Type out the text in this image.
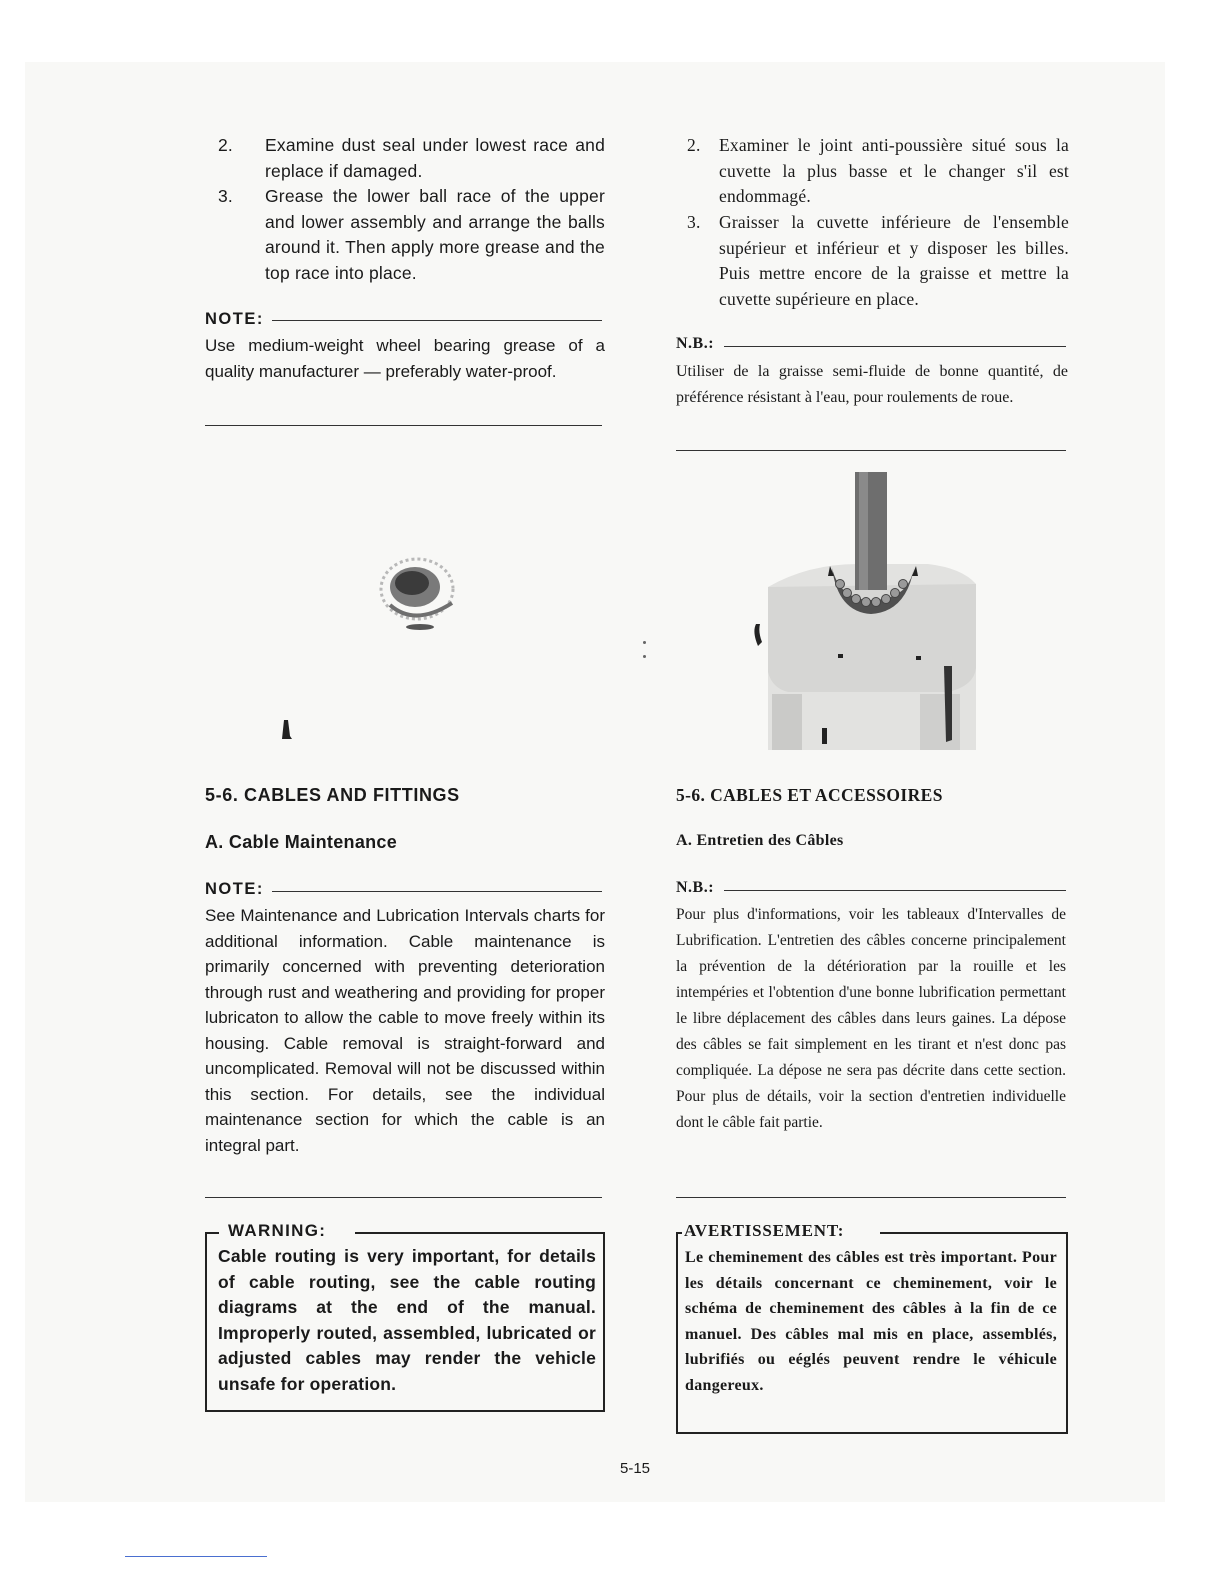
2. Examine dust seal under lowest race and replace if damaged.
3. Grease the lower ball race of the upper and lower assembly and arrange the balls around it. Then apply more grease and the top race into place.
NOTE:
Use medium-weight wheel bearing grease of a quality manufacturer — preferably water-proof.
5-6. CABLES AND FITTINGS
A. Cable Maintenance
NOTE:
See Maintenance and Lubrication Intervals charts for additional information. Cable maintenance is primarily concerned with preventing deterioration through rust and weathering and providing for proper lubricaton to allow the cable to move freely within its housing. Cable removal is straight-forward and uncomplicated. Removal will not be discussed within this section. For details, see the individual maintenance section for which the cable is an integral part.
WARNING:
Cable routing is very important, for details of cable routing, see the cable routing diagrams at the end of the manual. Improperly routed, assembled, lubricated or adjusted cables may render the vehicle unsafe for operation.
2. Examiner le joint anti-poussière situé sous la cuvette la plus basse et le changer s'il est endommagé.
3. Graisser la cuvette inférieure de l'ensemble supérieur et inférieur et y disposer les billes. Puis mettre encore de la graisse et mettre la cuvette supérieure en place.
N.B.:
Utiliser de la graisse semi-fluide de bonne quantité, de préférence résistant à l'eau, pour roulements de roue.
5-6. CABLES ET ACCESSOIRES
A. Entretien des Câbles
N.B.:
Pour plus d'informations, voir les tableaux d'Intervalles de Lubrification. L'entretien des câbles concerne principalement la prévention de la détérioration par la rouille et les intempéries et l'obtention d'une bonne lubrification permettant le libre déplacement des câbles dans leurs gaines. La dépose des câbles se fait simplement en les tirant et n'est donc pas compliquée. La dépose ne sera pas décrite dans cette section. Pour plus de détails, voir la section d'entretien individuelle dont le câble fait partie.
AVERTISSEMENT:
Le cheminement des câbles est très important. Pour les détails concernant ce cheminement, voir le schéma de cheminement des câbles à la fin de ce manuel. Des câbles mal mis en place, assemblés, lubrifiés ou eéglés peuvent rendre le véhicule dangereux.
5-15
